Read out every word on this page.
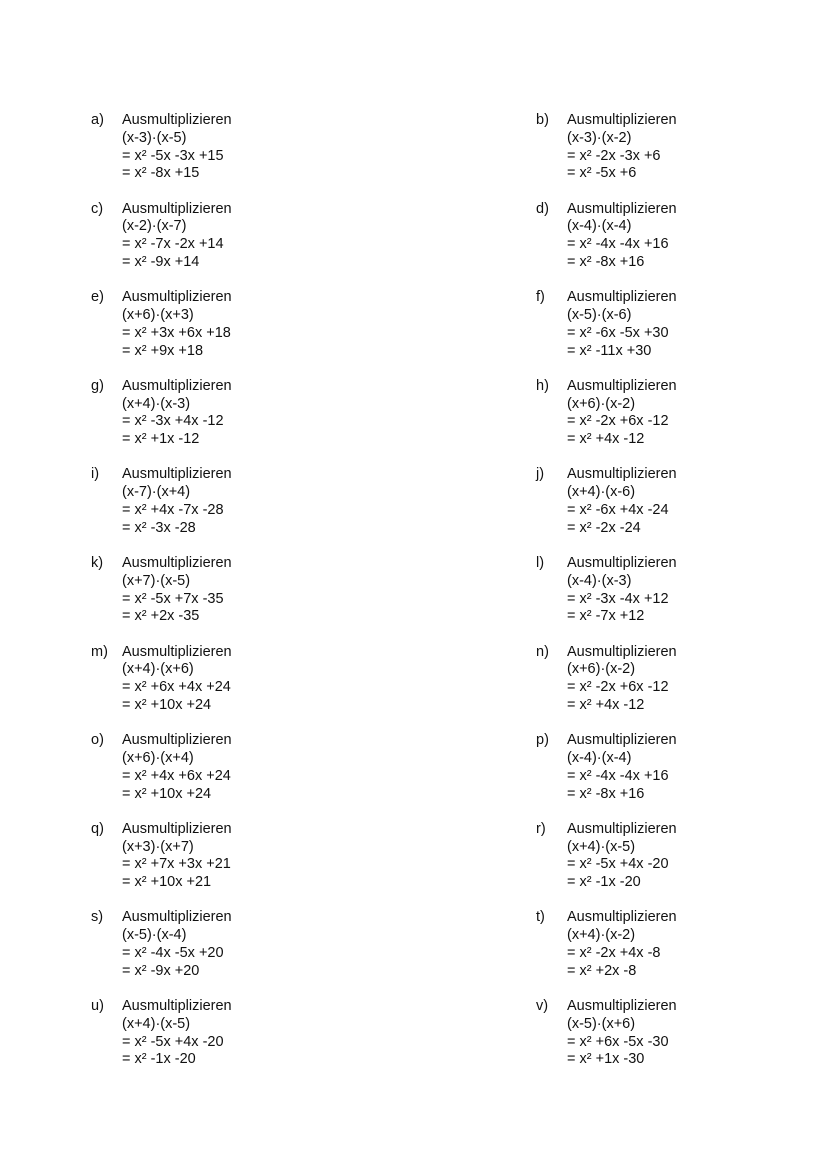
a) Ausmultiplizieren
(x-3)·(x-5)
= x² -5x -3x +15
= x² -8x +15
b) Ausmultiplizieren
(x-3)·(x-2)
= x² -2x -3x +6
= x² -5x +6
c) Ausmultiplizieren
(x-2)·(x-7)
= x² -7x -2x +14
= x² -9x +14
d) Ausmultiplizieren
(x-4)·(x-4)
= x² -4x -4x +16
= x² -8x +16
e) Ausmultiplizieren
(x+6)·(x+3)
= x² +3x +6x +18
= x² +9x +18
f) Ausmultiplizieren
(x-5)·(x-6)
= x² -6x -5x +30
= x² -11x +30
g) Ausmultiplizieren
(x+4)·(x-3)
= x² -3x +4x -12
= x² +1x -12
h) Ausmultiplizieren
(x+6)·(x-2)
= x² -2x +6x -12
= x² +4x -12
i) Ausmultiplizieren
(x-7)·(x+4)
= x² +4x -7x -28
= x² -3x -28
j) Ausmultiplizieren
(x+4)·(x-6)
= x² -6x +4x -24
= x² -2x -24
k) Ausmultiplizieren
(x+7)·(x-5)
= x² -5x +7x -35
= x² +2x -35
l) Ausmultiplizieren
(x-4)·(x-3)
= x² -3x -4x +12
= x² -7x +12
m) Ausmultiplizieren
(x+4)·(x+6)
= x² +6x +4x +24
= x² +10x +24
n) Ausmultiplizieren
(x+6)·(x-2)
= x² -2x +6x -12
= x² +4x -12
o) Ausmultiplizieren
(x+6)·(x+4)
= x² +4x +6x +24
= x² +10x +24
p) Ausmultiplizieren
(x-4)·(x-4)
= x² -4x -4x +16
= x² -8x +16
q) Ausmultiplizieren
(x+3)·(x+7)
= x² +7x +3x +21
= x² +10x +21
r) Ausmultiplizieren
(x+4)·(x-5)
= x² -5x +4x -20
= x² -1x -20
s) Ausmultiplizieren
(x-5)·(x-4)
= x² -4x -5x +20
= x² -9x +20
t) Ausmultiplizieren
(x+4)·(x-2)
= x² -2x +4x -8
= x² +2x -8
u) Ausmultiplizieren
(x+4)·(x-5)
= x² -5x +4x -20
= x² -1x -20
v) Ausmultiplizieren
(x-5)·(x+6)
= x² +6x -5x -30
= x² +1x -30
